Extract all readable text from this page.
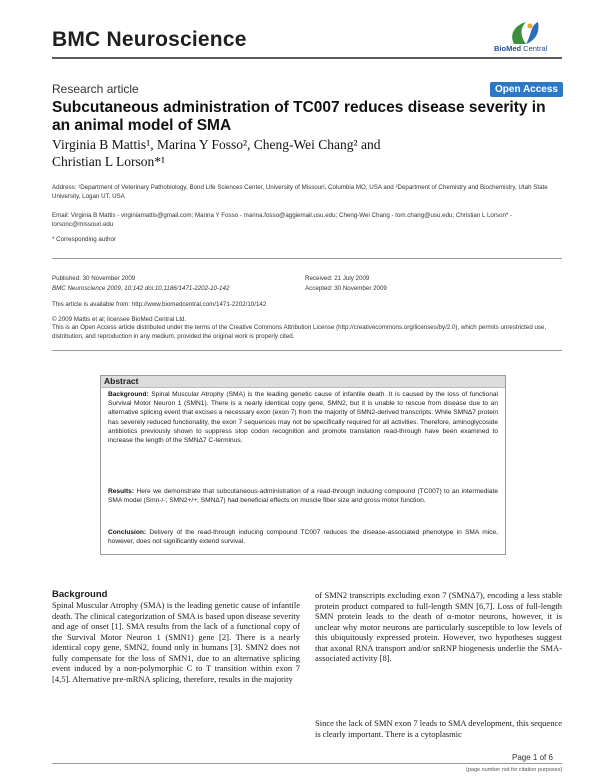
BMC Neuroscience	BioMed Central
Research article	Open Access
Subcutaneous administration of TC007 reduces disease severity in an animal model of SMA
Virginia B Mattis¹, Marina Y Fosso², Cheng-Wei Chang² and
Christian L Lorson*¹
Address: ¹Department of Veterinary Pathobiology, Bond Life Sciences Center, University of Missouri, Columbia MO, USA and ²Department of Chemistry and Biochemistry, Utah State University, Logan UT, USA
Email: Virginia B Mattis - virginiamattis@gmail.com; Marina Y Fosso - marina.fosso@aggiemail.usu.edu; Cheng-Wei Chang - tom.chang@usu.edu; Christian L Lorson* - lorsonc@missouri.edu
* Corresponding author
Published: 30 November 2009	Received: 21 July 2009
BMC Neuroscience 2009, 10:142 doi:10.1186/1471-2202-10-142	Accepted: 30 November 2009
This article is available from: http://www.biomedcentral.com/1471-2202/10/142
© 2009 Mattis et al; licensee BioMed Central Ltd.
This is an Open Access article distributed under the terms of the Creative Commons Attribution License (http://creativecommons.org/licenses/by/2.0), which permits unrestricted use, distribution, and reproduction in any medium, provided the original work is properly cited.
Abstract
Background: Spinal Muscular Atrophy (SMA) is the leading genetic cause of infantile death. It is caused by the loss of functional Survival Motor Neuron 1 (SMN1). There is a nearly identical copy gene, SMN2, but it is unable to rescue from disease due to an alternative splicing event that excises a necessary exon (exon 7) from the majority of SMN2-derived transcripts. While SMNΔ7 protein has severely reduced functionality, the exon 7 sequences may not be specifically required for all activities. Therefore, aminoglycoside antibiotics previously shown to suppress stop codon recognition and promote translation read-through have been examined to increase the length of the SMNΔ7 C-terminus.
Results: Here we demonstrate that subcutaneous-administration of a read-through inducing compound (TC007) to an intermediate SMA model (Smn-/-; SMN2+/+; SMNΔ7) had beneficial effects on muscle fiber size and gross motor function.
Conclusion: Delivery of the read-through inducing compound TC007 reduces the disease-associated phenotype in SMA mice, however, does not significantly extend survival.
Background
Spinal Muscular Atrophy (SMA) is the leading genetic cause of infantile death. The clinical categorization of SMA is based upon disease severity and age of onset [1]. SMA results from the lack of a functional copy of the Survival Motor Neuron 1 (SMN1) gene [2]. There is a nearly identical copy gene, SMN2, found only in humans [3]. SMN2 does not fully compensate for the loss of SMN1, due to an alternative splicing event induced by a non-polymorphic C to T transition within exon 7 [4,5]. Alternative pre-mRNA splicing, therefore, results in the majority
of SMN2 transcripts excluding exon 7 (SMNΔ7), encoding a less stable protein product compared to full-length SMN [6,7]. Loss of full-length SMN protein leads to the death of α-motor neurons, however, it is unclear why motor neurons are particularly susceptible to low levels of this ubiquitously expressed protein. However, two hypotheses suggest that axonal RNA transport and/or snRNP biogenesis underlie the SMA-associated activity [8].
Since the lack of SMN exon 7 leads to SMA development, this sequence is clearly important. There is a cytoplasmic
Page 1 of 6
(page number not for citation purposes)
